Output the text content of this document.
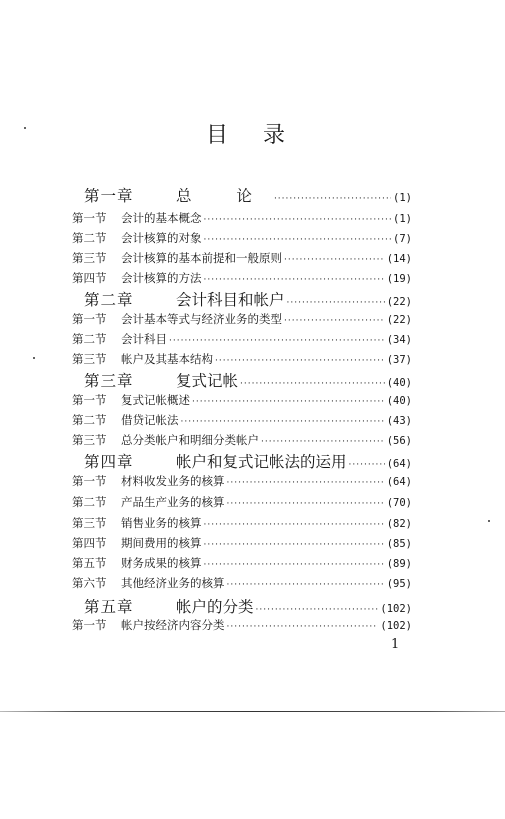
目 录
第一章	总 论 ·····	(1)
第一节	会计的基本概念 ·····	(1)
第二节	会计核算的对象 ·····	(7)
第三节	会计核算的基本前提和一般原则 ·····	(14)
第四节	会计核算的方法 ·····	(19)
第二章	会计科目和帐户 ·····	(22)
第一节	会计基本等式与经济业务的类型 ·····	(22)
第二节	会计科目 ·····	(34)
第三节	帐户及其基本结构 ·····	(37)
第三章	复式记帐 ·····	(40)
第一节	复式记帐概述 ·····	(40)
第二节	借贷记帐法 ·····	(43)
第三节	总分类帐户和明细分类帐户 ·····	(56)
第四章	帐户和复式记帐法的运用 ·····	(64)
第一节	材料收发业务的核算 ·····	(64)
第二节	产品生产业务的核算 ·····	(70)
第三节	销售业务的核算 ·····	(82)
第四节	期间费用的核算 ·····	(85)
第五节	财务成果的核算 ·····	(89)
第六节	其他经济业务的核算 ·····	(95)
第五章	帐户的分类 ·····	(102)
第一节	帐户按经济内容分类 ·····	(102)
1
